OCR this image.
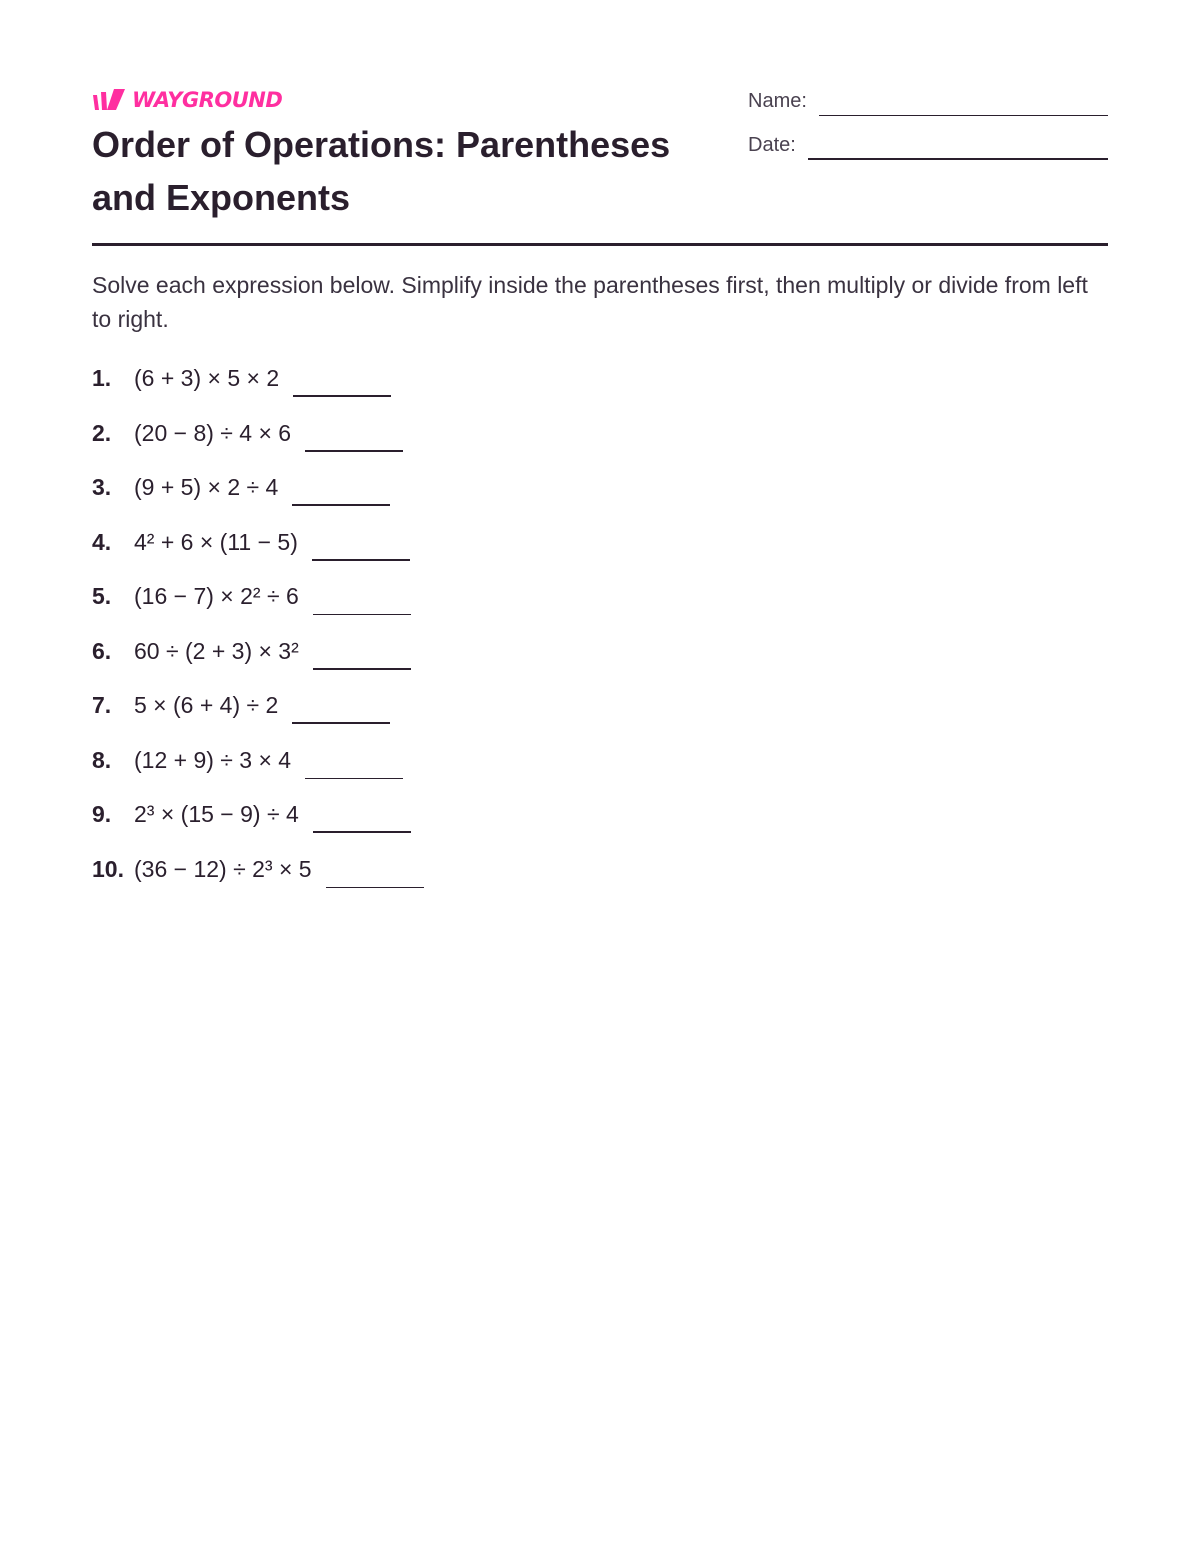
WAYGROUND
Order of Operations: Parentheses and Exponents
Name:
Date:

Solve each expression below. Simplify inside the parentheses first, then multiply or divide from left to right.

1. (6 + 3) × 5 × 2
2. (20 − 8) ÷ 4 × 6
3. (9 + 5) × 2 ÷ 4
4. 4² + 6 × (11 − 5)
5. (16 − 7) × 2² ÷ 6
6. 60 ÷ (2 + 3) × 3²
7. 5 × (6 + 4) ÷ 2
8. (12 + 9) ÷ 3 × 4
9. 2³ × (15 − 9) ÷ 4
10. (36 − 12) ÷ 2³ × 5
